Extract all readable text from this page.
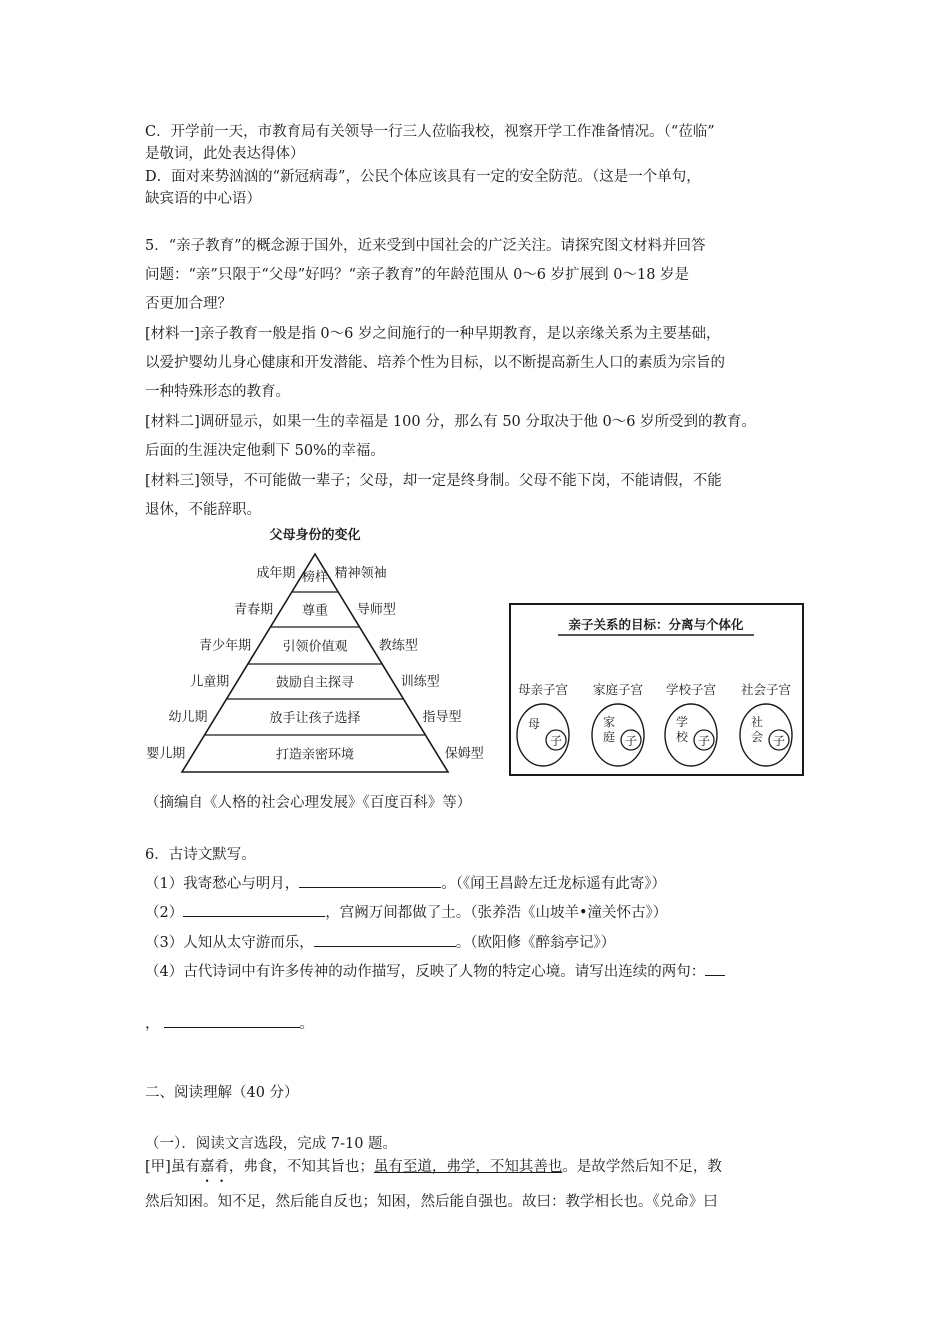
C．开学前一天，市教育局有关领导一行三人莅临我校，视察开学工作准备情况。（“莅临”
是敬词，此处表达得体）
D．面对来势汹汹的“新冠病毒”，公民个体应该具有一定的安全防范。（这是一个单句，
缺宾语的中心语）
5．“亲子教育”的概念源于国外，近来受到中国社会的广泛关注。请探究图文材料并回答
问题：“亲”只限于“父母”好吗？“亲子教育”的年龄范围从 0～6 岁扩展到 0～18 岁是
否更加合理？
[材料一]亲子教育一般是指 0～6 岁之间施行的一种早期教育，是以亲缘关系为主要基础，
以爱护婴幼儿身心健康和开发潜能、培养个性为目标，以不断提高新生人口的素质为宗旨的
一种特殊形态的教育。
[材料二]调研显示，如果一生的幸福是 100 分，那么有 50 分取决于他 0～6 岁所受到的教育。
后面的生涯决定他剩下 50%的幸福。
[材料三]领导，不可能做一辈子；父母，却一定是终身制。父母不能下岗，不能请假，不能
退休，不能辞职。
父母身份的变化
榜样
尊重
引领价值观
鼓励自主探寻
放手让孩子选择
打造亲密环境
成年期
青春期
青少年期
儿童期
幼儿期
婴儿期
精神领袖
导师型
教练型
训练型
指导型
保姆型
亲子关系的目标：分离与个体化
母亲子宫
子
母
家庭子宫
子
家
庭
学校子宫
子
学
校
社会子宫
子
社
会
（摘编自《人格的社会心理发展》《百度百科》等）
6．古诗文默写。
（1）我寄愁心与明月，	。（《闻王昌龄左迁龙标遥有此寄》）
（2）	，宫阙万间都做了土。（张养浩《山坡羊•潼关怀古》）
（3）人知从太守游而乐，	。（欧阳修《醉翁亭记》）
（4）古代诗词中有许多传神的动作描写，反映了人物的特定心境。请写出连续的两句：
，	。
二、阅读理解（40 分）
（一）．阅读文言选段，完成 7-10 题。
[甲]虽有嘉肴，弗食，不知其旨也；虽有至道，弗学，不知其善也。是故学然后知不足，教
然后知困。知不足，然后能自反也；知困，然后能自强也。故曰：教学相长也。《兑命》曰
